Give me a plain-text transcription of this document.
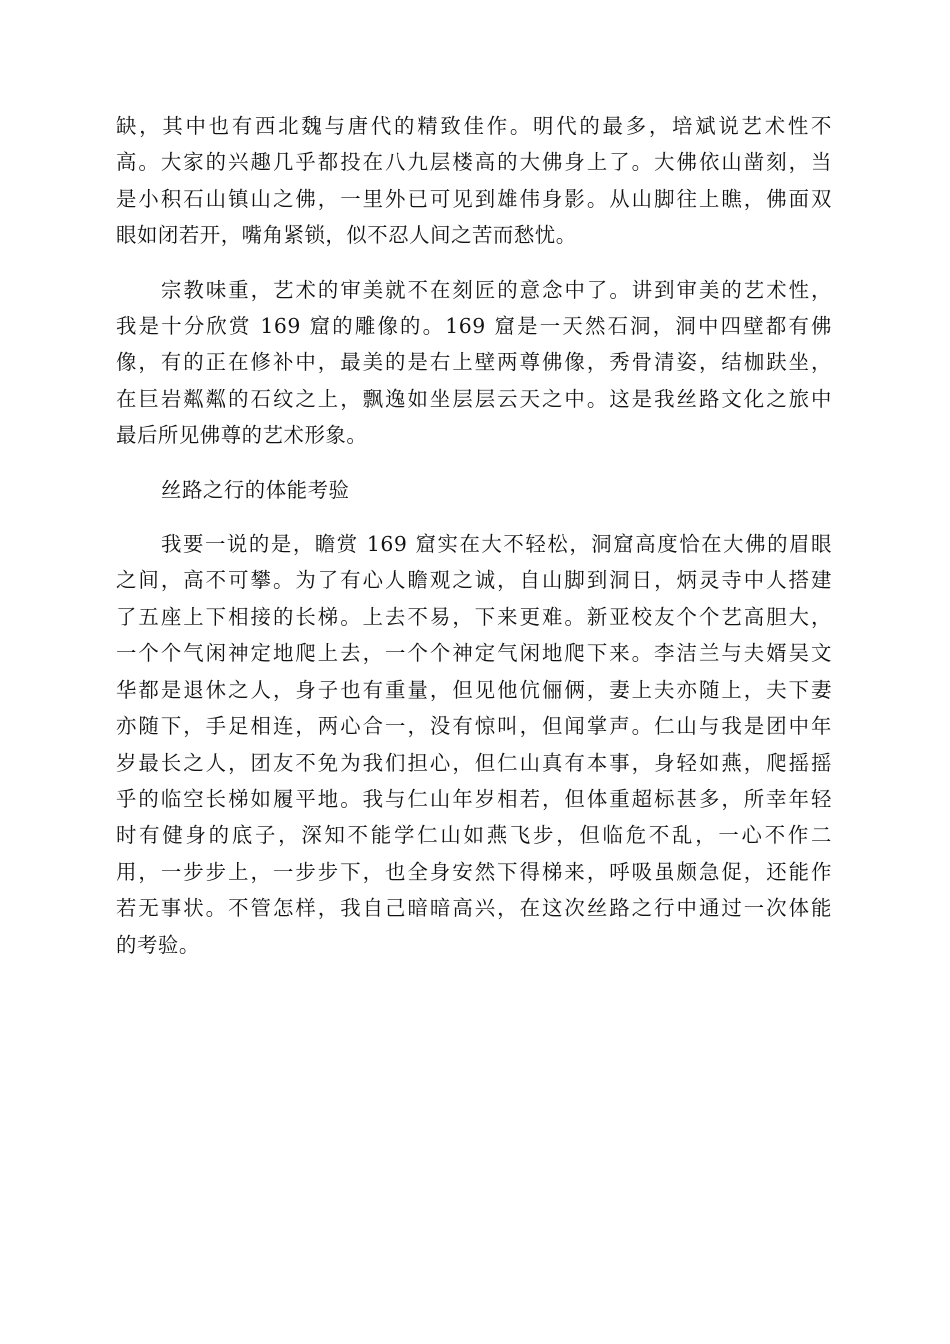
缺，其中也有西北魏与唐代的精致佳作。明代的最多，培斌说艺术性不
高。大家的兴趣几乎都投在八九层楼高的大佛身上了。大佛依山凿刻，当
是小积石山镇山之佛，一里外已可见到雄伟身影。从山脚往上瞧，佛面双
眼如闭若开，嘴角紧锁，似不忍人间之苦而愁忧。

宗教味重，艺术的审美就不在刻匠的意念中了。讲到审美的艺术性，
我是十分欣赏 169 窟的雕像的。169 窟是一天然石洞，洞中四壁都有佛
像，有的正在修补中，最美的是右上壁两尊佛像，秀骨清姿，结枷趺坐，
在巨岩粼粼的石纹之上，飘逸如坐层层云天之中。这是我丝路文化之旅中
最后所见佛尊的艺术形象。

丝路之行的体能考验

我要一说的是，瞻赏 169 窟实在大不轻松，洞窟高度恰在大佛的眉眼
之间，高不可攀。为了有心人瞻观之诚，自山脚到洞日，炳灵寺中人搭建
了五座上下相接的长梯。上去不易，下来更难。新亚校友个个艺高胆大，
一个个气闲神定地爬上去，一个个神定气闲地爬下来。李洁兰与夫婿吴文
华都是退休之人，身子也有重量，但见他伉俪俩，妻上夫亦随上，夫下妻
亦随下，手足相连，两心合一，没有惊叫，但闻掌声。仁山与我是团中年
岁最长之人，团友不免为我们担心，但仁山真有本事，身轻如燕，爬摇摇
乎的临空长梯如履平地。我与仁山年岁相若，但体重超标甚多，所幸年轻
时有健身的底子，深知不能学仁山如燕飞步，但临危不乱，一心不作二
用，一步步上，一步步下，也全身安然下得梯来，呼吸虽颇急促，还能作
若无事状。不管怎样，我自己暗暗高兴，在这次丝路之行中通过一次体能
的考验。
